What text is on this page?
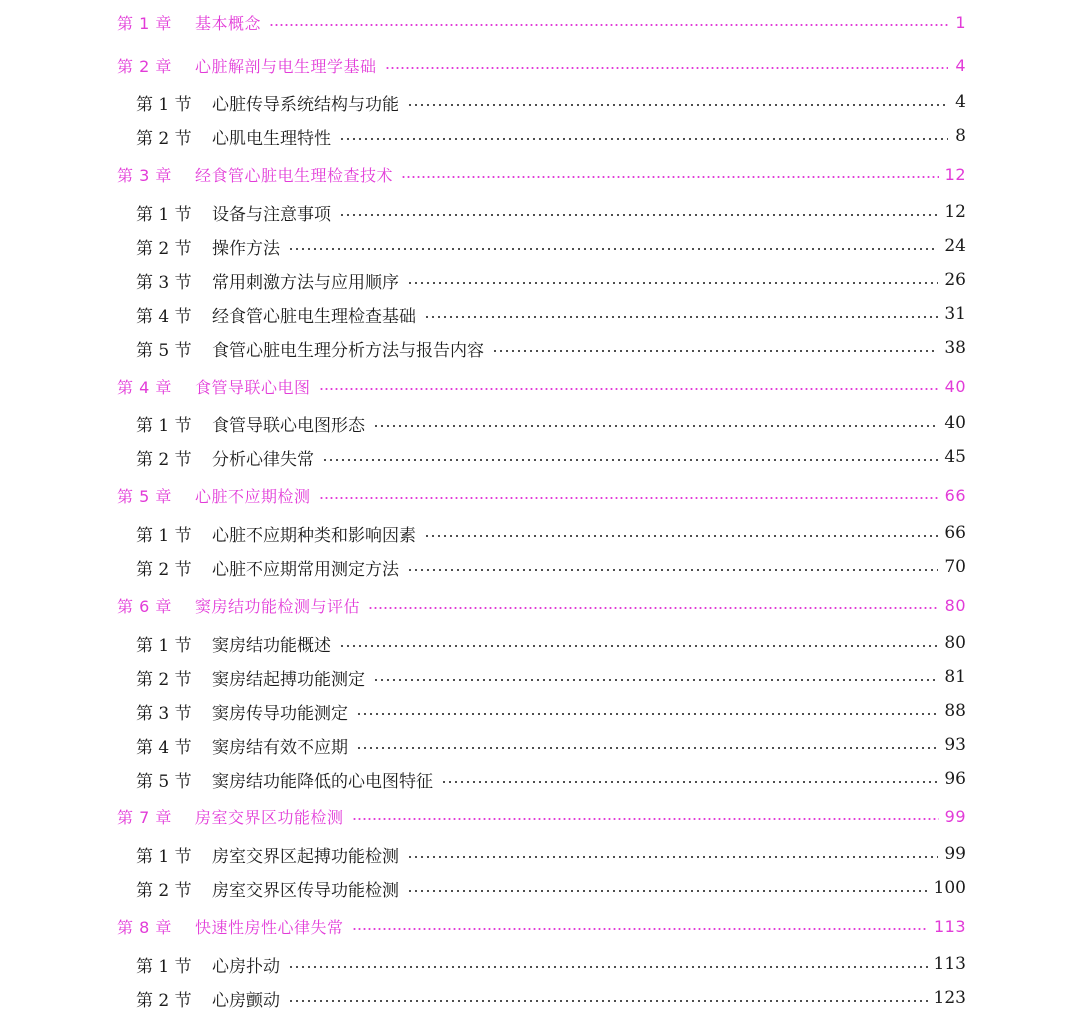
第 1 章	基本概念	1
第 2 章	心脏解剖与电生理学基础	4
第 1 节	心脏传导系统结构与功能	4
第 2 节	心肌电生理特性	8
第 3 章	经食管心脏电生理检查技术	12
第 1 节	设备与注意事项	12
第 2 节	操作方法	24
第 3 节	常用刺激方法与应用顺序	26
第 4 节	经食管心脏电生理检查基础	31
第 5 节	食管心脏电生理分析方法与报告内容	38
第 4 章	食管导联心电图	40
第 1 节	食管导联心电图形态	40
第 2 节	分析心律失常	45
第 5 章	心脏不应期检测	66
第 1 节	心脏不应期种类和影响因素	66
第 2 节	心脏不应期常用测定方法	70
第 6 章	窦房结功能检测与评估	80
第 1 节	窦房结功能概述	80
第 2 节	窦房结起搏功能测定	81
第 3 节	窦房传导功能测定	88
第 4 节	窦房结有效不应期	93
第 5 节	窦房结功能降低的心电图特征	96
第 7 章	房室交界区功能检测	99
第 1 节	房室交界区起搏功能检测	99
第 2 节	房室交界区传导功能检测	100
第 8 章	快速性房性心律失常	113
第 1 节	心房扑动	113
第 2 节	心房颤动	123
